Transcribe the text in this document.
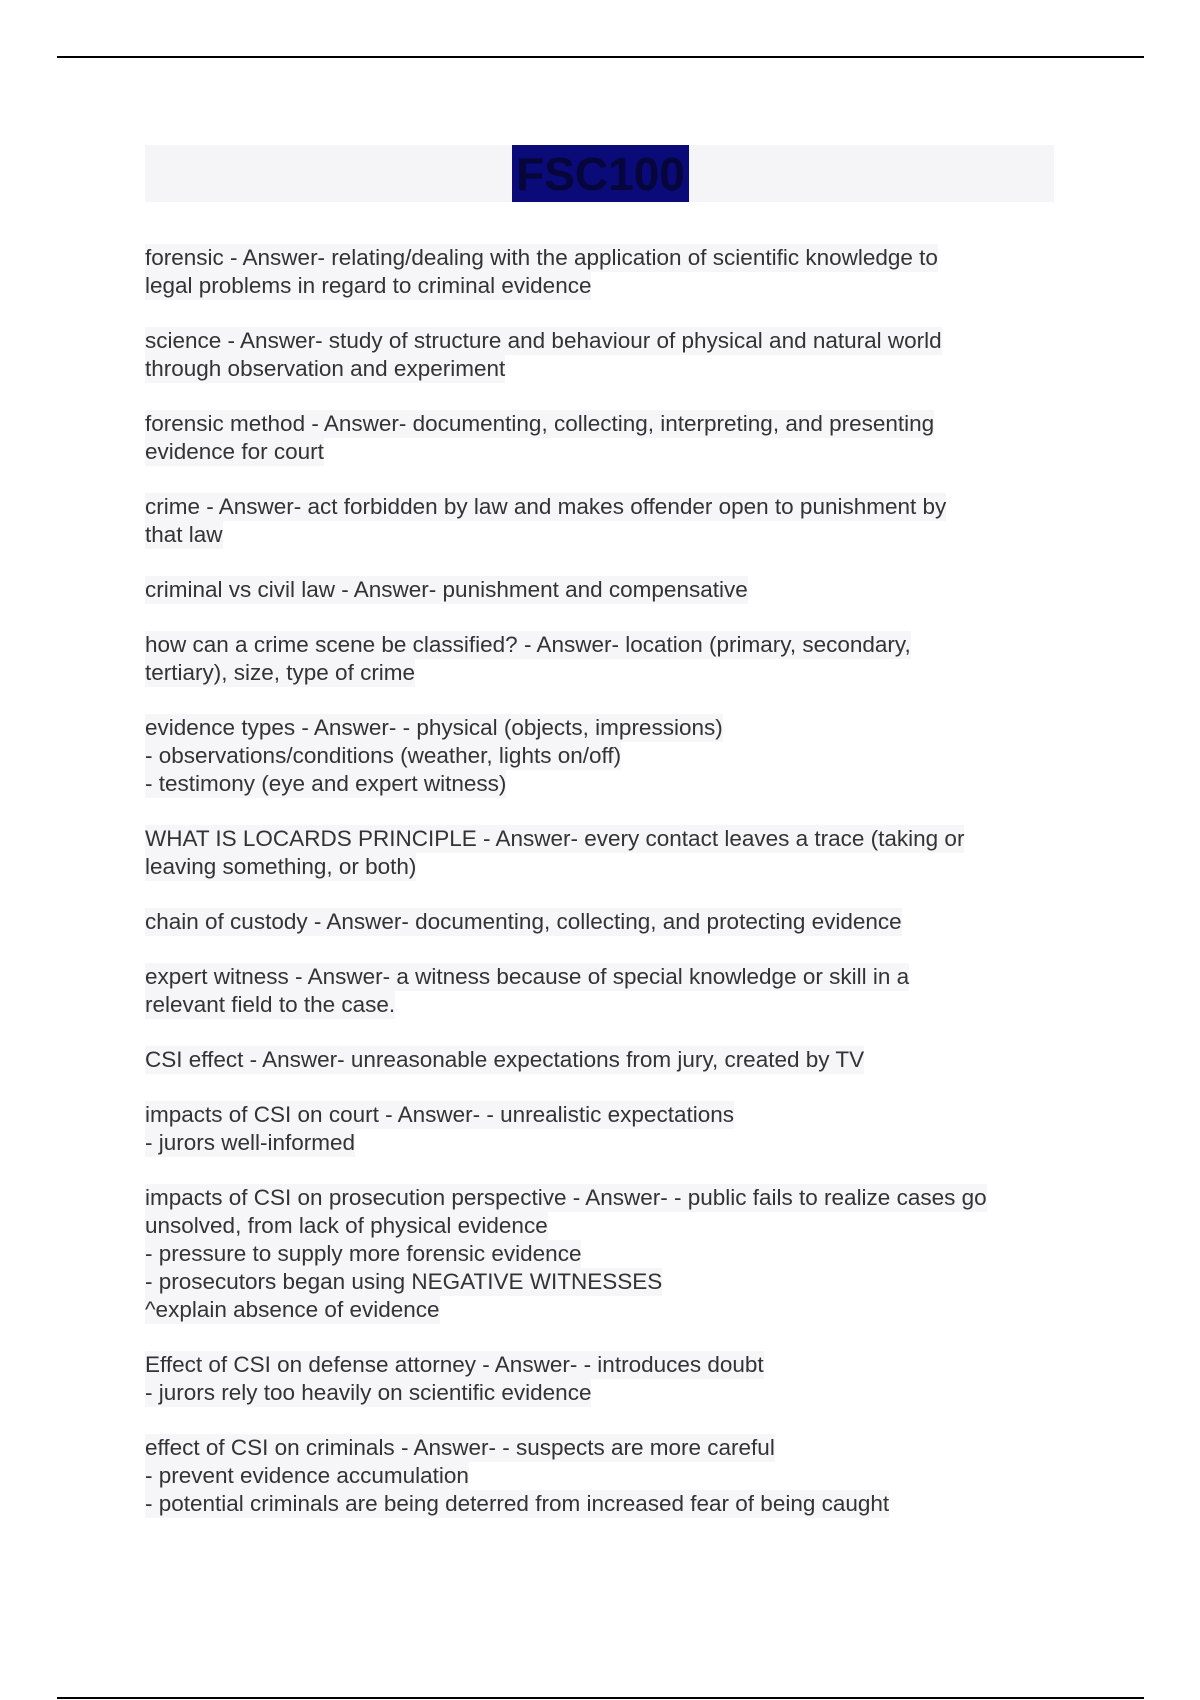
FSC100
forensic - Answer- relating/dealing with the application of scientific knowledge to
legal problems in regard to criminal evidence
science - Answer- study of structure and behaviour of physical and natural world
through observation and experiment
forensic method - Answer- documenting, collecting, interpreting, and presenting
evidence for court
crime - Answer- act forbidden by law and makes offender open to punishment by
that law
criminal vs civil law - Answer- punishment and compensative
how can a crime scene be classified? - Answer- location (primary, secondary,
tertiary), size, type of crime
evidence types - Answer- - physical (objects, impressions)
- observations/conditions (weather, lights on/off)
- testimony (eye and expert witness)
WHAT IS LOCARDS PRINCIPLE - Answer- every contact leaves a trace (taking or
leaving something, or both)
chain of custody - Answer- documenting, collecting, and protecting evidence
expert witness - Answer- a witness because of special knowledge or skill in a
relevant field to the case.
CSI effect - Answer- unreasonable expectations from jury, created by TV
impacts of CSI on court - Answer- - unrealistic expectations
- jurors well-informed
impacts of CSI on prosecution perspective - Answer- - public fails to realize cases go
unsolved, from lack of physical evidence
- pressure to supply more forensic evidence
- prosecutors began using NEGATIVE WITNESSES
^explain absence of evidence
Effect of CSI on defense attorney - Answer- - introduces doubt
- jurors rely too heavily on scientific evidence
effect of CSI on criminals - Answer- - suspects are more careful
- prevent evidence accumulation
- potential criminals are being deterred from increased fear of being caught
